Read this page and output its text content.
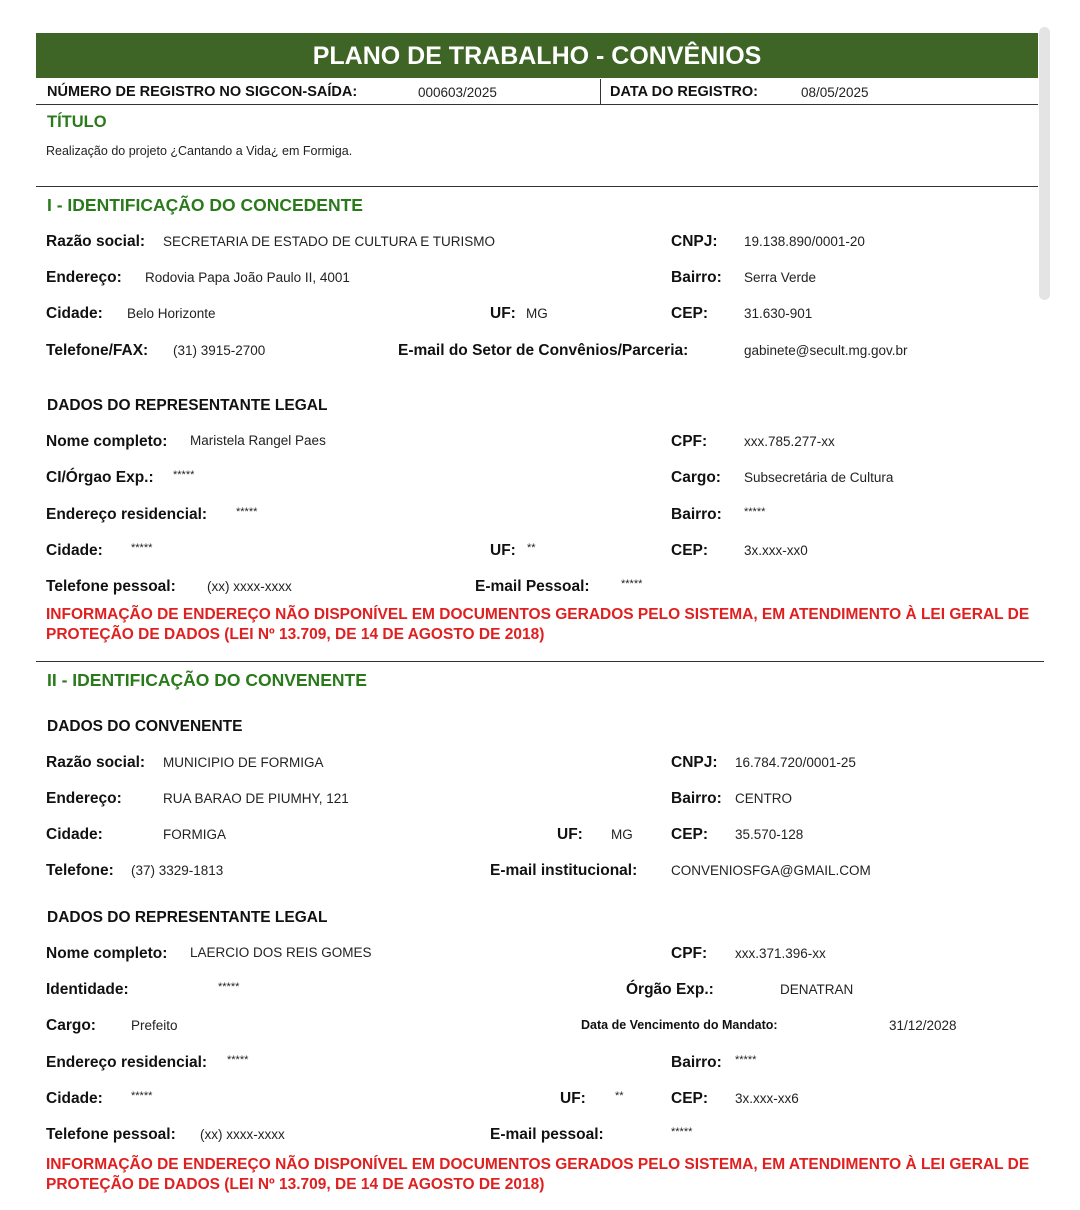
PLANO DE TRABALHO - CONVÊNIOS
NÚMERO DE REGISTRO NO SIGCON-SAÍDA:	000603/2025	DATA DO REGISTRO:	08/05/2025
TÍTULO
Realização do projeto ¿Cantando a Vida¿ em Formiga.
I - IDENTIFICAÇÃO DO CONCEDENTE
Razão social: SECRETARIA DE ESTADO DE CULTURA E TURISMO	CNPJ: 19.138.890/0001-20
Endereço: Rodovia Papa João Paulo II, 4001	Bairro: Serra Verde
Cidade: Belo Horizonte	UF: MG	CEP:	31.630-901
Telefone/FAX: (31) 3915-2700	E-mail do Setor de Convênios/Parceria:	gabinete@secult.mg.gov.br
DADOS DO REPRESENTANTE LEGAL
Nome completo: Maristela Rangel Paes	CPF:	xxx.785.277-xx
CI/Órgao Exp.: *****	Cargo: Subsecretária de Cultura
Endereço residencial:	*****	Bairro: *****
Cidade:	*****	UF: **	CEP:	3x.xxx-xx0
Telefone pessoal: (xx) xxxx-xxxx	E-mail Pessoal:	*****
INFORMAÇÃO DE ENDEREÇO NÃO DISPONÍVEL EM DOCUMENTOS GERADOS PELO SISTEMA, EM ATENDIMENTO À LEI GERAL DE PROTEÇÃO DE DADOS (LEI Nº 13.709, DE 14 DE AGOSTO DE 2018)
II - IDENTIFICAÇÃO DO CONVENENTE
DADOS DO CONVENENTE
Razão social: MUNICIPIO DE FORMIGA	CNPJ: 16.784.720/0001-25
Endereço:	RUA BARAO DE PIUMHY, 121	Bairro: CENTRO
Cidade:	FORMIGA	UF: MG CEP: 35.570-128
Telefone: (37) 3329-1813	E-mail institucional: CONVENIOSFGA@GMAIL.COM
DADOS DO REPRESENTANTE LEGAL
Nome completo: LAERCIO DOS REIS GOMES	CPF: xxx.371.396-xx
Identidade:	*****	Órgão Exp.:	DENATRAN
Cargo:	Prefeito	Data de Vencimento do Mandato:	31/12/2028
Endereço residencial: *****	Bairro: *****
Cidade:	*****	UF:	**	CEP: 3x.xxx-xx6
Telefone pessoal: (xx) xxxx-xxxx	E-mail pessoal:	*****
INFORMAÇÃO DE ENDEREÇO NÃO DISPONÍVEL EM DOCUMENTOS GERADOS PELO SISTEMA, EM ATENDIMENTO À LEI GERAL DE PROTEÇÃO DE DADOS (LEI Nº 13.709, DE 14 DE AGOSTO DE 2018)
